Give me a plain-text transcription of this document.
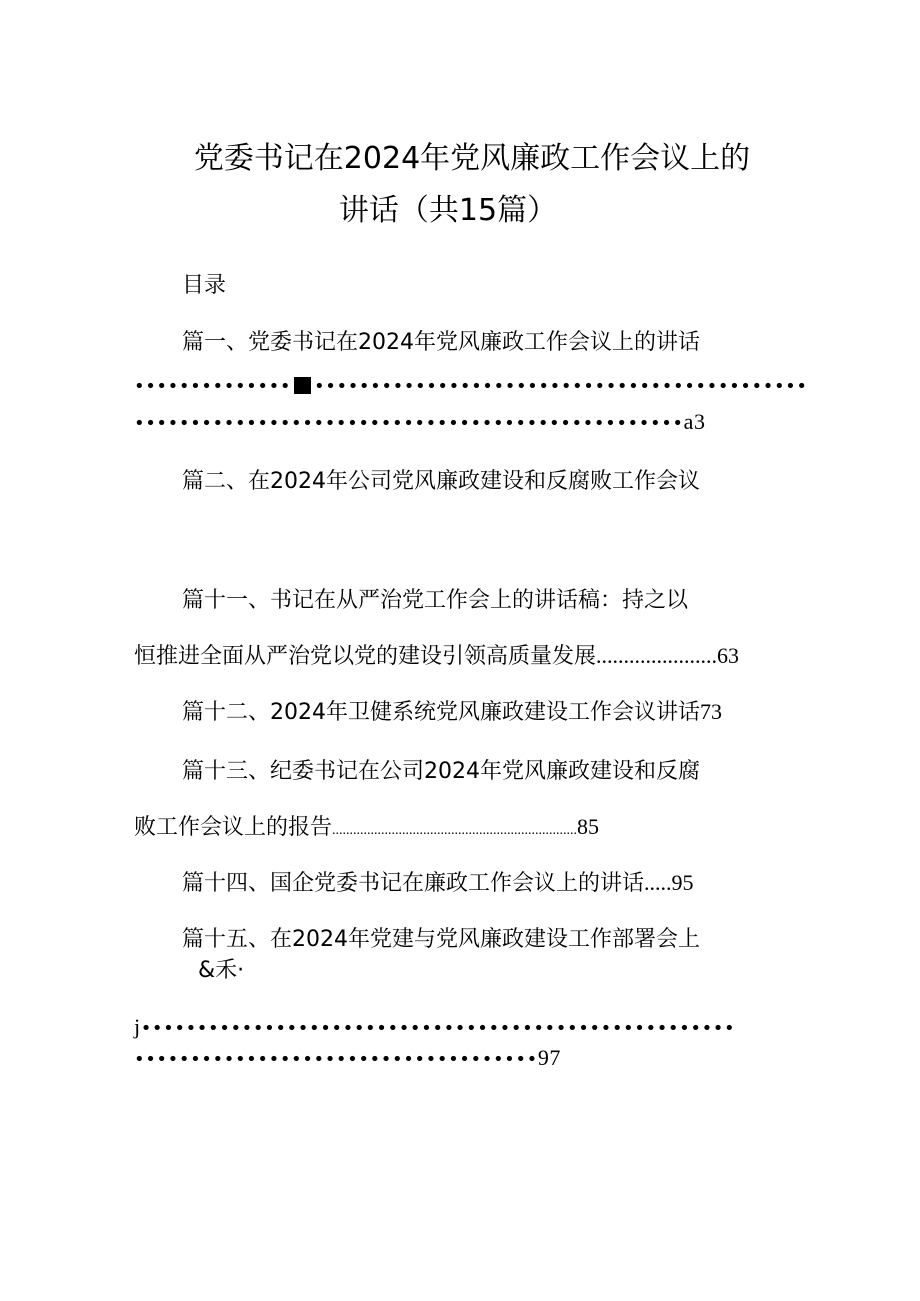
党委书记在2024年党风廉政工作会议上的
讲话（共15篇）
目录
篇一、党委书记在2024年党风廉政工作会议上的讲话
•••••••••••••• ••••••••••••••••••••••••••••••••••••••••••••
•••••••••••••••••••••••••••••••••••••••••••••••••a3
篇二、在2024年公司党风廉政建设和反腐败工作会议
篇十一、书记在从严治党工作会上的讲话稿：持之以
恒推进全面从严治党以党的建设引领高质量发展......................63
篇十二、2024年卫健系统党风廉政建设工作会议讲话73
篇十三、纪委书记在公司2024年党风廉政建设和反腐
败工作会议上的报告......................................................................85
篇十四、国企党委书记在廉政工作会议上的讲话.....95
篇十五、在2024年党建与党风廉政建设工作部署会上
&禾·
j•••••••••••••••••••••••••••••••••••••••••••••••••••••
••••••••••••••••••••••••••••••••••••97
